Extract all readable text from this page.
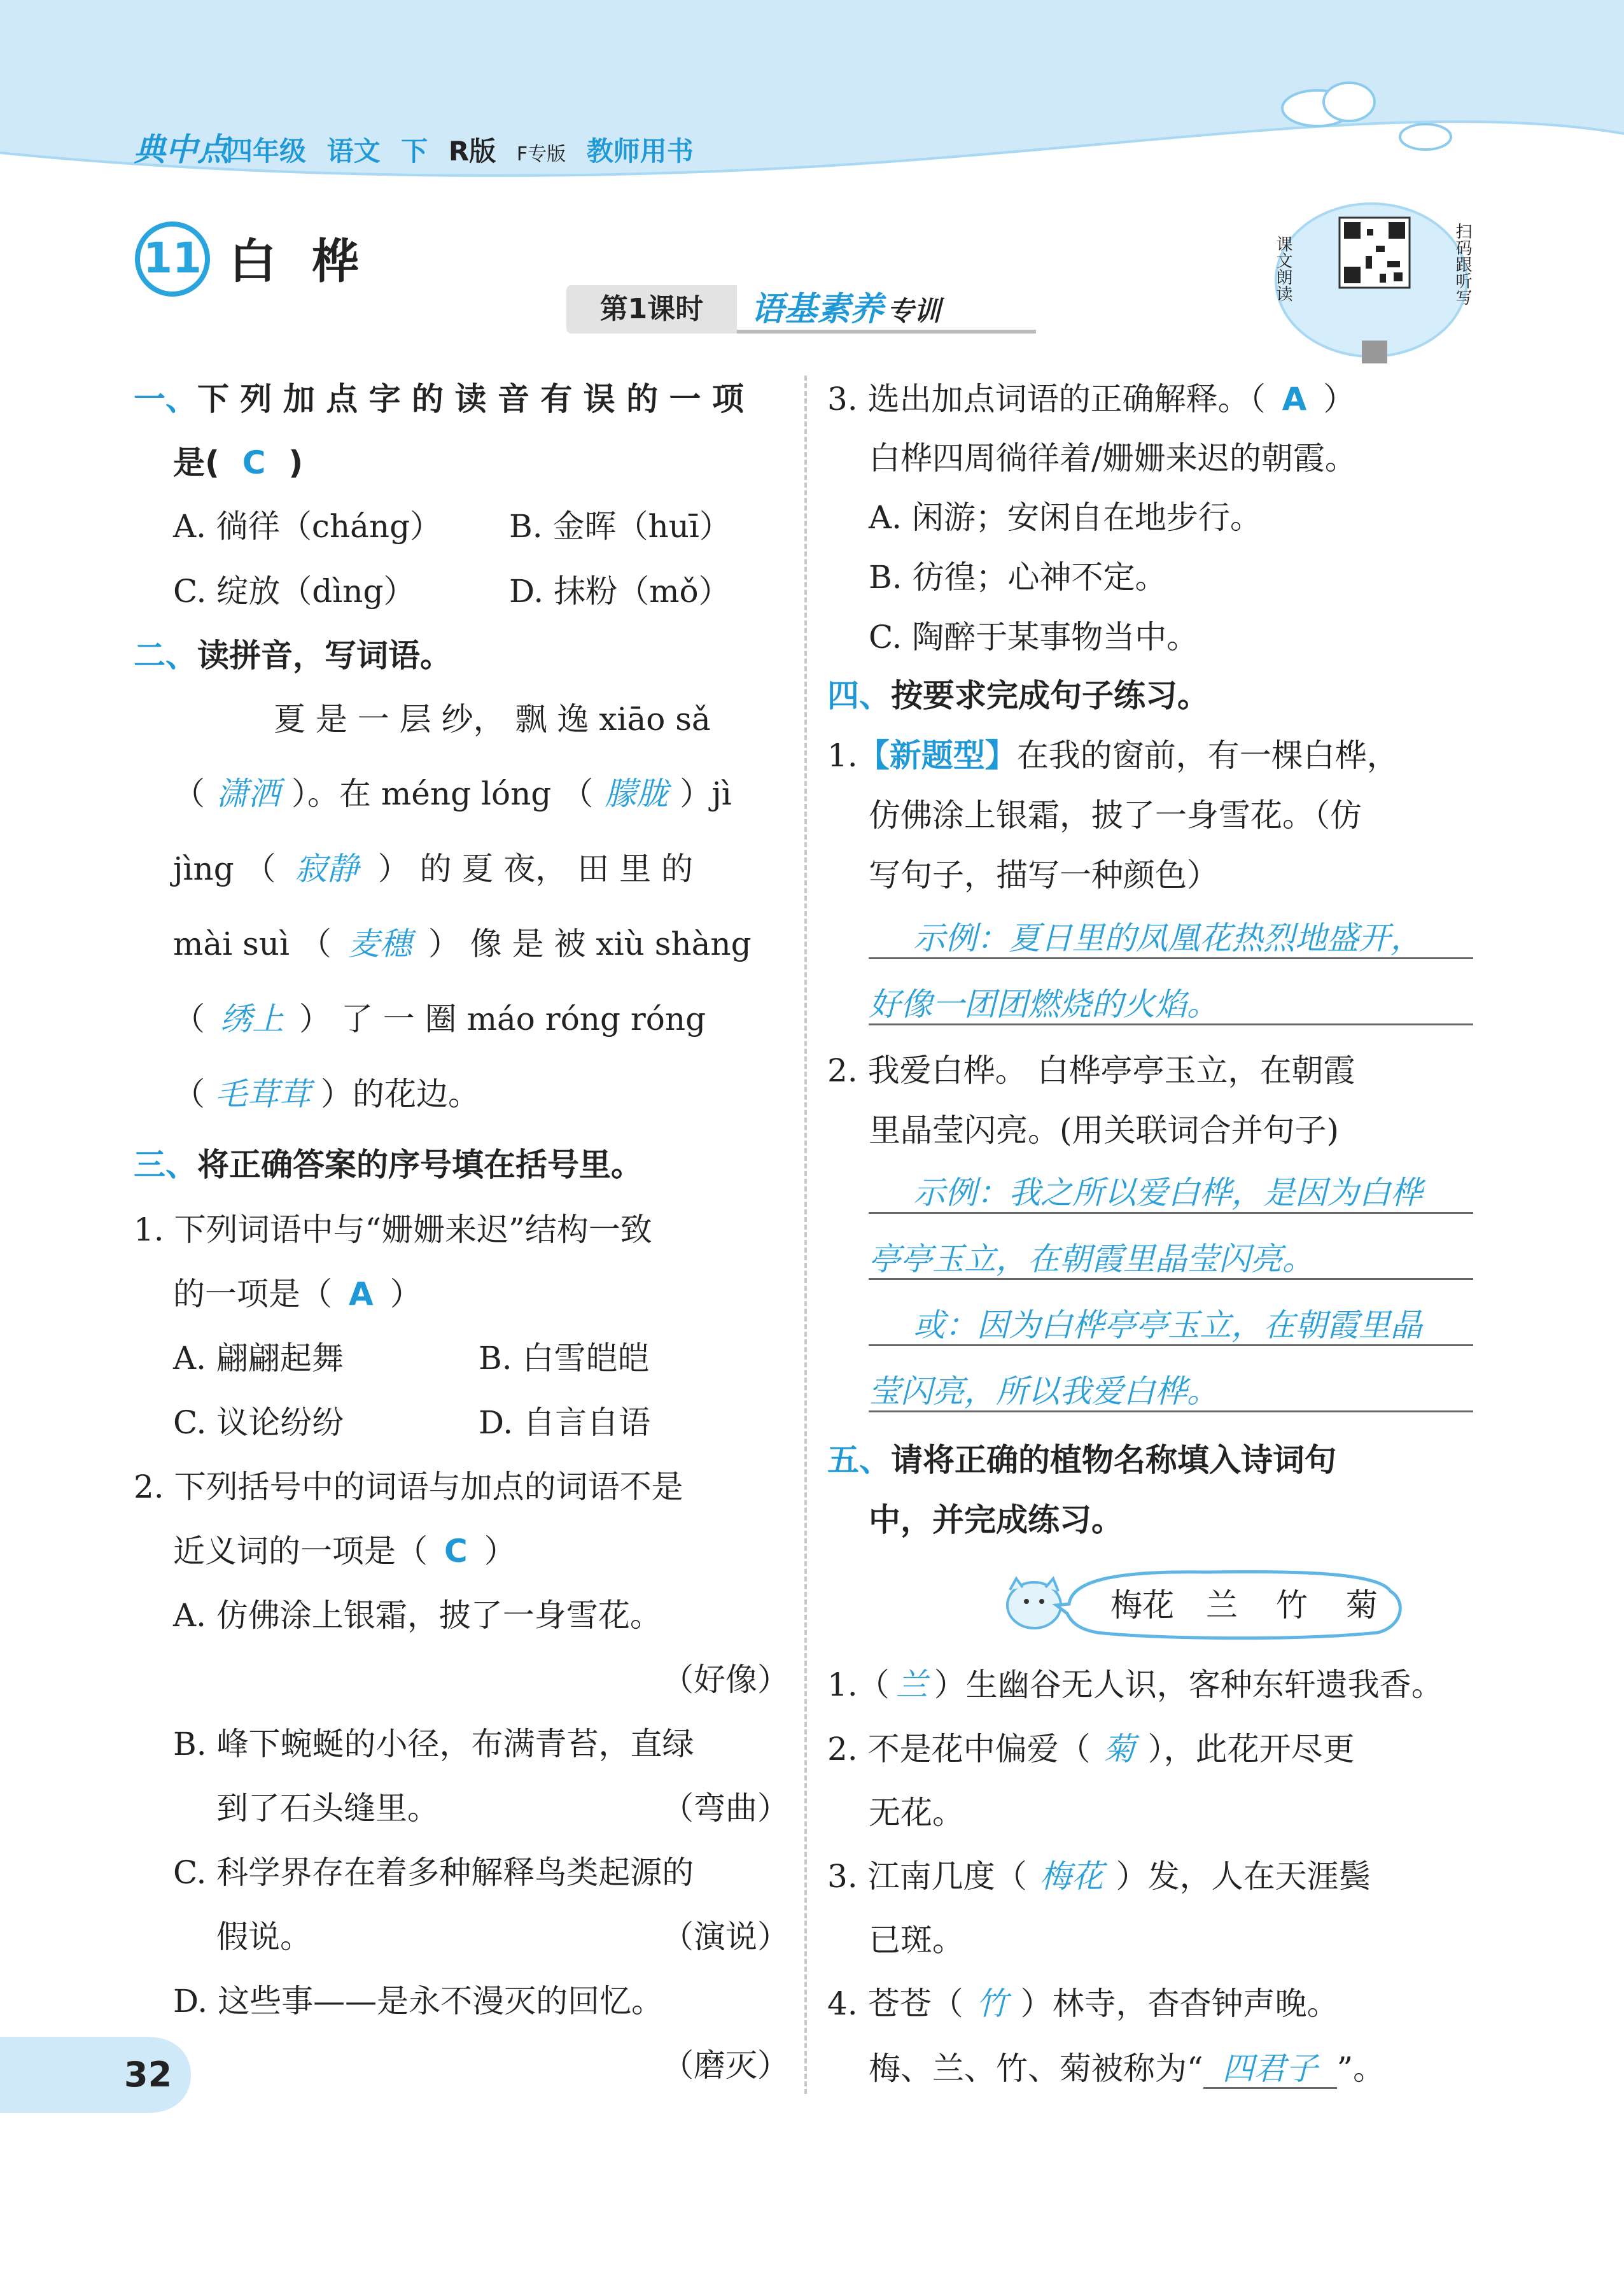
典中点
四年级 语文 下 R版 F专版 教师用书
11 白桦
第1课时	语基素养 专训
课文朗读	扫码跟听写
一、下 列 加 点 字 的 读 音 有 误 的 一 项
是( C )
A. 徜徉（cháng） B. 金晖（huī）
C. 绽放（dìng）	D. 抹粉（mǒ）
二、读拼音，写词语。
夏 是 一 层 纱， 飘 逸 xiāo sǎ
（ 潇洒 ）。在 méng lóng （ 朦胧 ）jì
jìng （ 寂静 ） 的 夏 夜， 田 里 的
mài suì （ 麦穗 ） 像 是 被 xiù shàng
（ 绣上 ） 了 一 圈 máo róng róng
（ 毛茸茸 ）的花边。
三、将正确答案的序号填在括号里。
1. 下列词语中与“姗姗来迟”结构一致
的一项是（ A ）
A. 翩翩起舞	B. 白雪皑皑
C. 议论纷纷	D. 自言自语
2. 下列括号中的词语与加点的词语不是
近义词的一项是（ C ）
A. 仿佛涂上银霜，披了一身雪花。
（好像）
B. 峰下蜿蜒的小径，布满青苔，直绿
到了石头缝里。	（弯曲）
C. 科学界存在着多种解释鸟类起源的
假说。	（演说）
D. 这些事——是永不漫灭的回忆。
（磨灭）
3. 选出加点词语的正确解释。（ A ）
白桦四周徜徉着/姗姗来迟的朝霞。
A. 闲游；安闲自在地步行。
B. 彷徨；心神不定。
C. 陶醉于某事物当中。
四、按要求完成句子练习。
1.【新题型】在我的窗前，有一棵白桦，
仿佛涂上银霜，披了一身雪花。（仿
写句子，描写一种颜色）
示例：夏日里的凤凰花热烈地盛开，
好像一团团燃烧的火焰。
2. 我爱白桦。 白桦亭亭玉立，在朝霞
里晶莹闪亮。(用关联词合并句子)
示例：我之所以爱白桦，是因为白桦
亭亭玉立，在朝霞里晶莹闪亮。
或：因为白桦亭亭玉立，在朝霞里晶
莹闪亮，所以我爱白桦。
五、请将正确的植物名称填入诗词句
中，并完成练习。
梅花 兰 竹 菊
1.（ 兰 ）生幽谷无人识，客种东轩遗我香。
2. 不是花中偏爱（ 菊 ），此花开尽更
无花。
3. 江南几度（ 梅花 ）发，人在天涯鬓
已斑。
4. 苍苍（ 竹 ）林寺，杳杳钟声晚。
梅、兰、竹、菊被称为“ 四君子 ”。
32
